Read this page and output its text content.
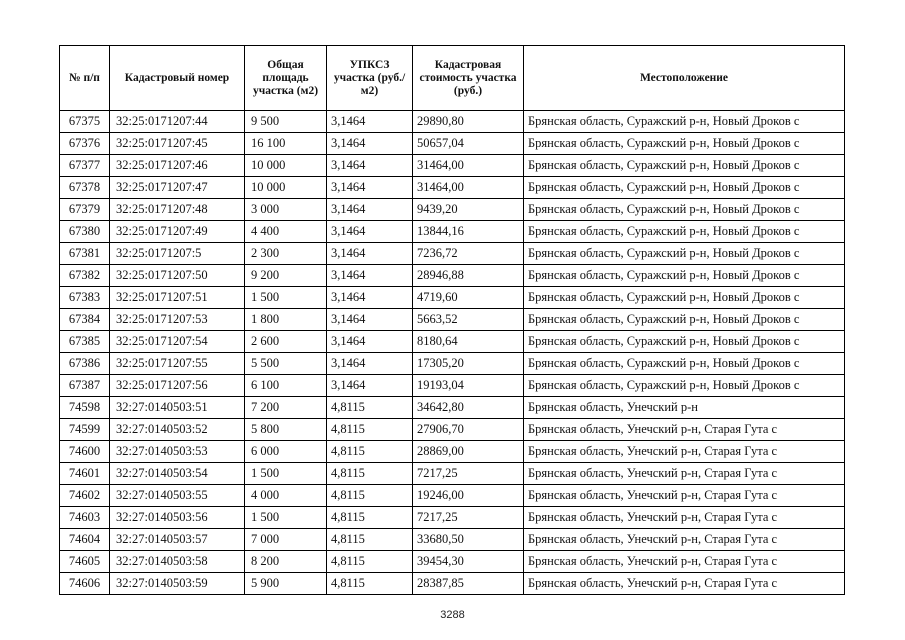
№ п/п	Кадастровый номер	Общая площадь участка (м2)	УПКСЗ участка (руб./м2)	Кадастровая стоимость участка (руб.)	Местоположение
67375	32:25:0171207:44	9 500	3,1464	29890,80	Брянская область, Суражский р-н, Новый Дроков с
67376	32:25:0171207:45	16 100	3,1464	50657,04	Брянская область, Суражский р-н, Новый Дроков с
67377	32:25:0171207:46	10 000	3,1464	31464,00	Брянская область, Суражский р-н, Новый Дроков с
67378	32:25:0171207:47	10 000	3,1464	31464,00	Брянская область, Суражский р-н, Новый Дроков с
67379	32:25:0171207:48	3 000	3,1464	9439,20	Брянская область, Суражский р-н, Новый Дроков с
67380	32:25:0171207:49	4 400	3,1464	13844,16	Брянская область, Суражский р-н, Новый Дроков с
67381	32:25:0171207:5	2 300	3,1464	7236,72	Брянская область, Суражский р-н, Новый Дроков с
67382	32:25:0171207:50	9 200	3,1464	28946,88	Брянская область, Суражский р-н, Новый Дроков с
67383	32:25:0171207:51	1 500	3,1464	4719,60	Брянская область, Суражский р-н, Новый Дроков с
67384	32:25:0171207:53	1 800	3,1464	5663,52	Брянская область, Суражский р-н, Новый Дроков с
67385	32:25:0171207:54	2 600	3,1464	8180,64	Брянская область, Суражский р-н, Новый Дроков с
67386	32:25:0171207:55	5 500	3,1464	17305,20	Брянская область, Суражский р-н, Новый Дроков с
67387	32:25:0171207:56	6 100	3,1464	19193,04	Брянская область, Суражский р-н, Новый Дроков с
74598	32:27:0140503:51	7 200	4,8115	34642,80	Брянская область, Унечский р-н
74599	32:27:0140503:52	5 800	4,8115	27906,70	Брянская область, Унечский р-н, Старая Гута с
74600	32:27:0140503:53	6 000	4,8115	28869,00	Брянская область, Унечский р-н, Старая Гута с
74601	32:27:0140503:54	1 500	4,8115	7217,25	Брянская область, Унечский р-н, Старая Гута с
74602	32:27:0140503:55	4 000	4,8115	19246,00	Брянская область, Унечский р-н, Старая Гута с
74603	32:27:0140503:56	1 500	4,8115	7217,25	Брянская область, Унечский р-н, Старая Гута с
74604	32:27:0140503:57	7 000	4,8115	33680,50	Брянская область, Унечский р-н, Старая Гута с
74605	32:27:0140503:58	8 200	4,8115	39454,30	Брянская область, Унечский р-н, Старая Гута с
74606	32:27:0140503:59	5 900	4,8115	28387,85	Брянская область, Унечский р-н, Старая Гута с
3288
